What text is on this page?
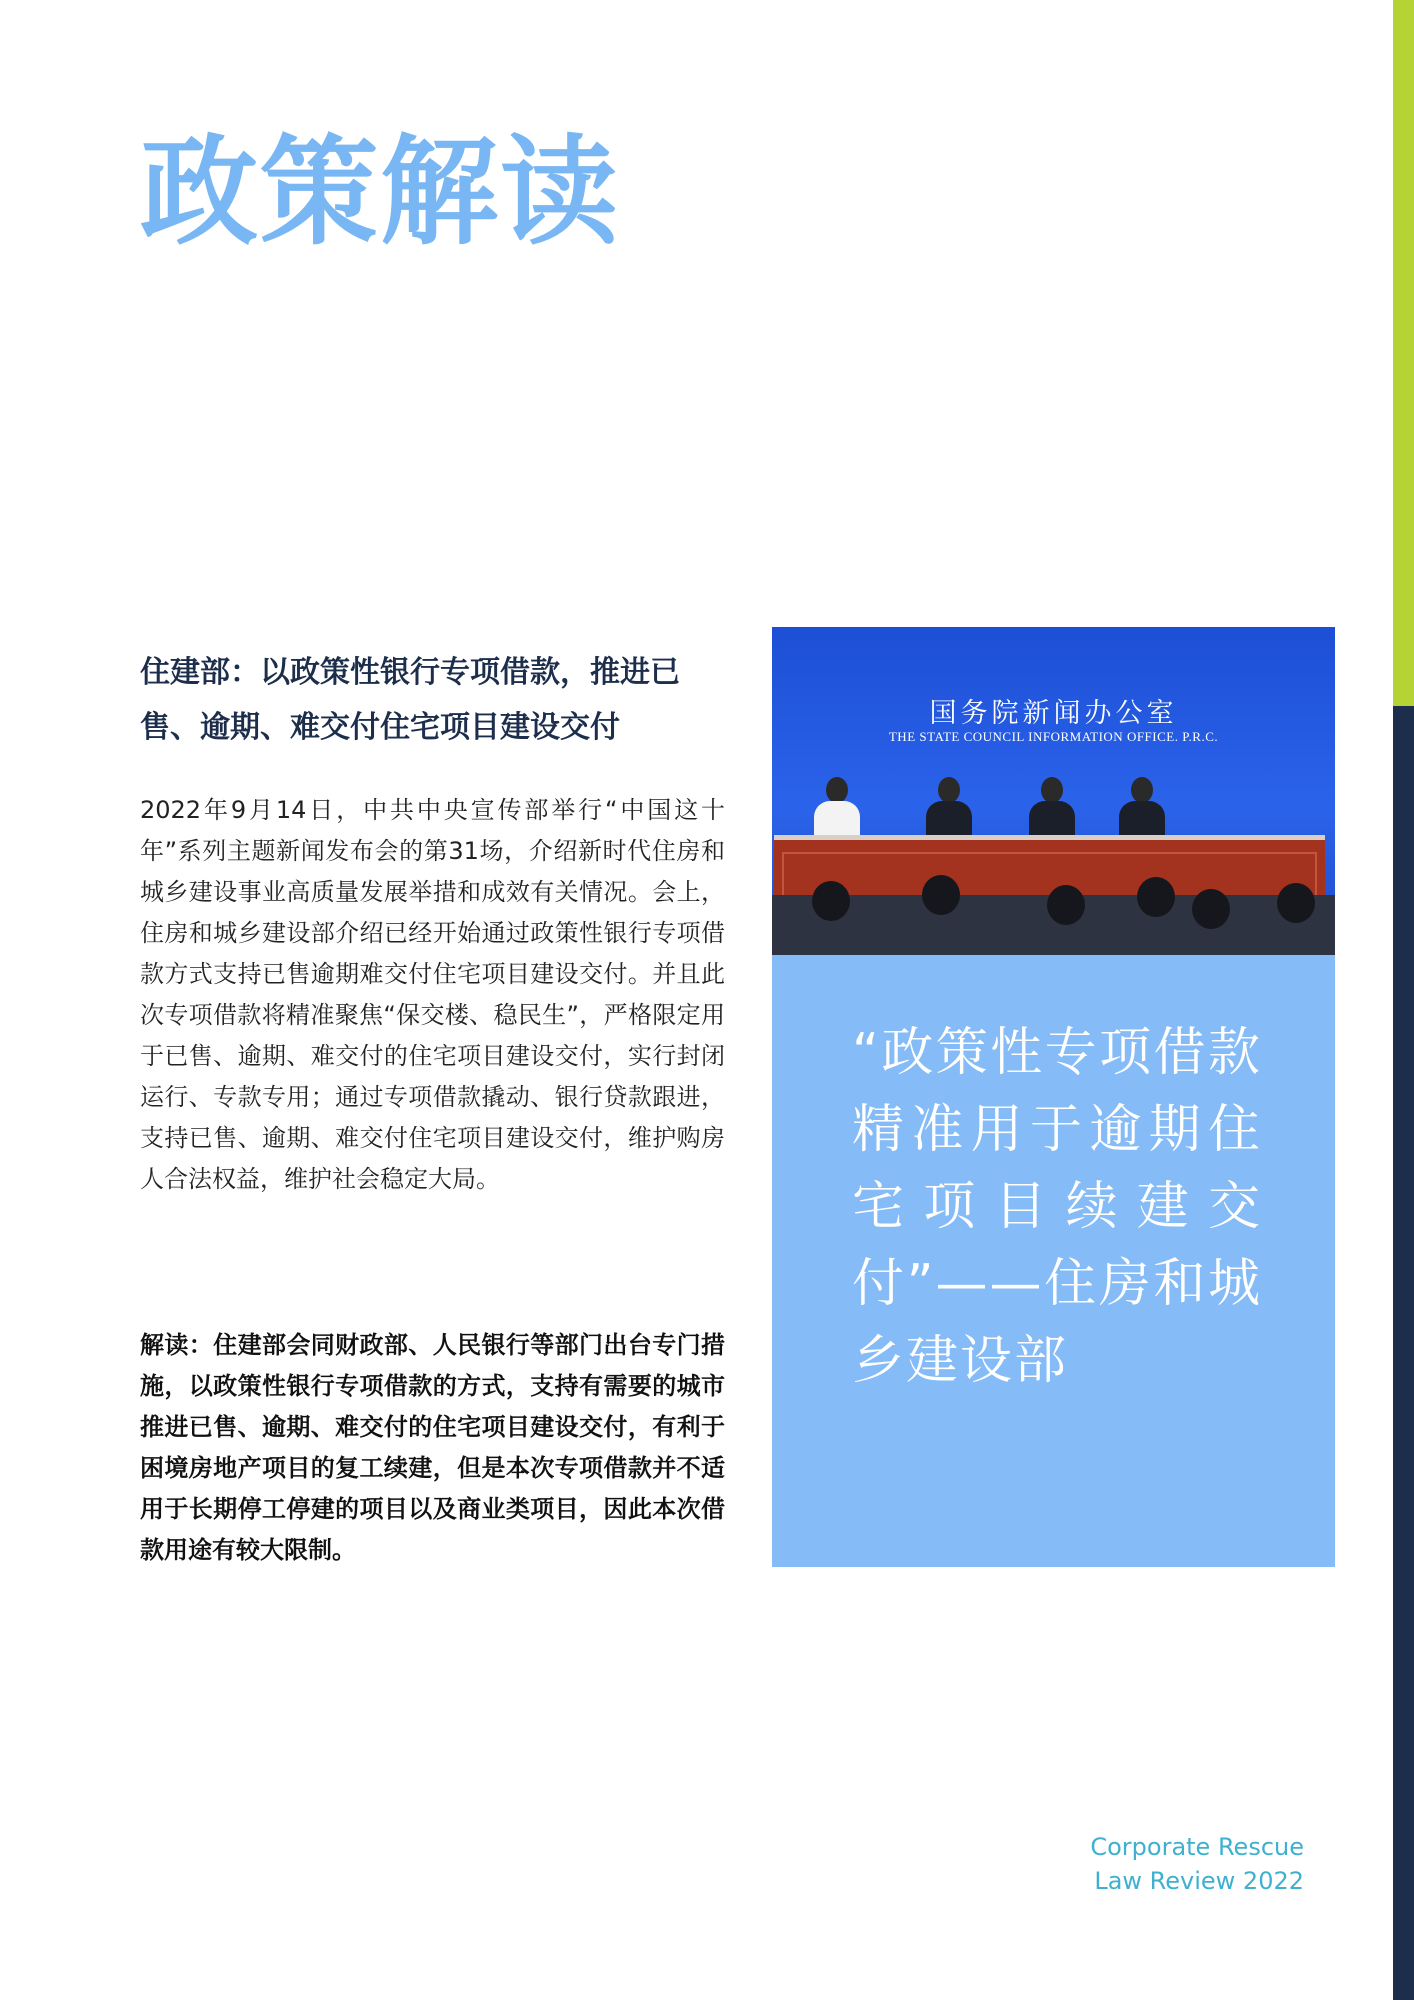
政策解读
住建部：以政策性银行专项借款，推进已售、逾期、难交付住宅项目建设交付

2022年9月14日，中共中央宣传部举行“中国这十年”系列主题新闻发布会的第31场，介绍新时代住房和城乡建设事业高质量发展举措和成效有关情况。会上，住房和城乡建设部介绍已经开始通过政策性银行专项借款方式支持已售逾期难交付住宅项目建设交付。并且此次专项借款将精准聚焦“保交楼、稳民生”，严格限定用于已售、逾期、难交付的住宅项目建设交付，实行封闭运行、专款专用；通过专项借款撬动、银行贷款跟进，支持已售、逾期、难交付住宅项目建设交付，维护购房人合法权益，维护社会稳定大局。

解读：住建部会同财政部、人民银行等部门出台专门措施，以政策性银行专项借款的方式，支持有需要的城市推进已售、逾期、难交付的住宅项目建设交付，有利于困境房地产项目的复工续建，但是本次专项借款并不适用于长期停工停建的项目以及商业类项目，因此本次借款用途有较大限制。

国务院新闻办公室
THE STATE COUNCIL INFORMATION OFFICE. P.R.C.

“政策性专项借款精准用于逾期住宅项目续建交付”——住房和城乡建设部

Corporate Rescue
Law Review 2022
